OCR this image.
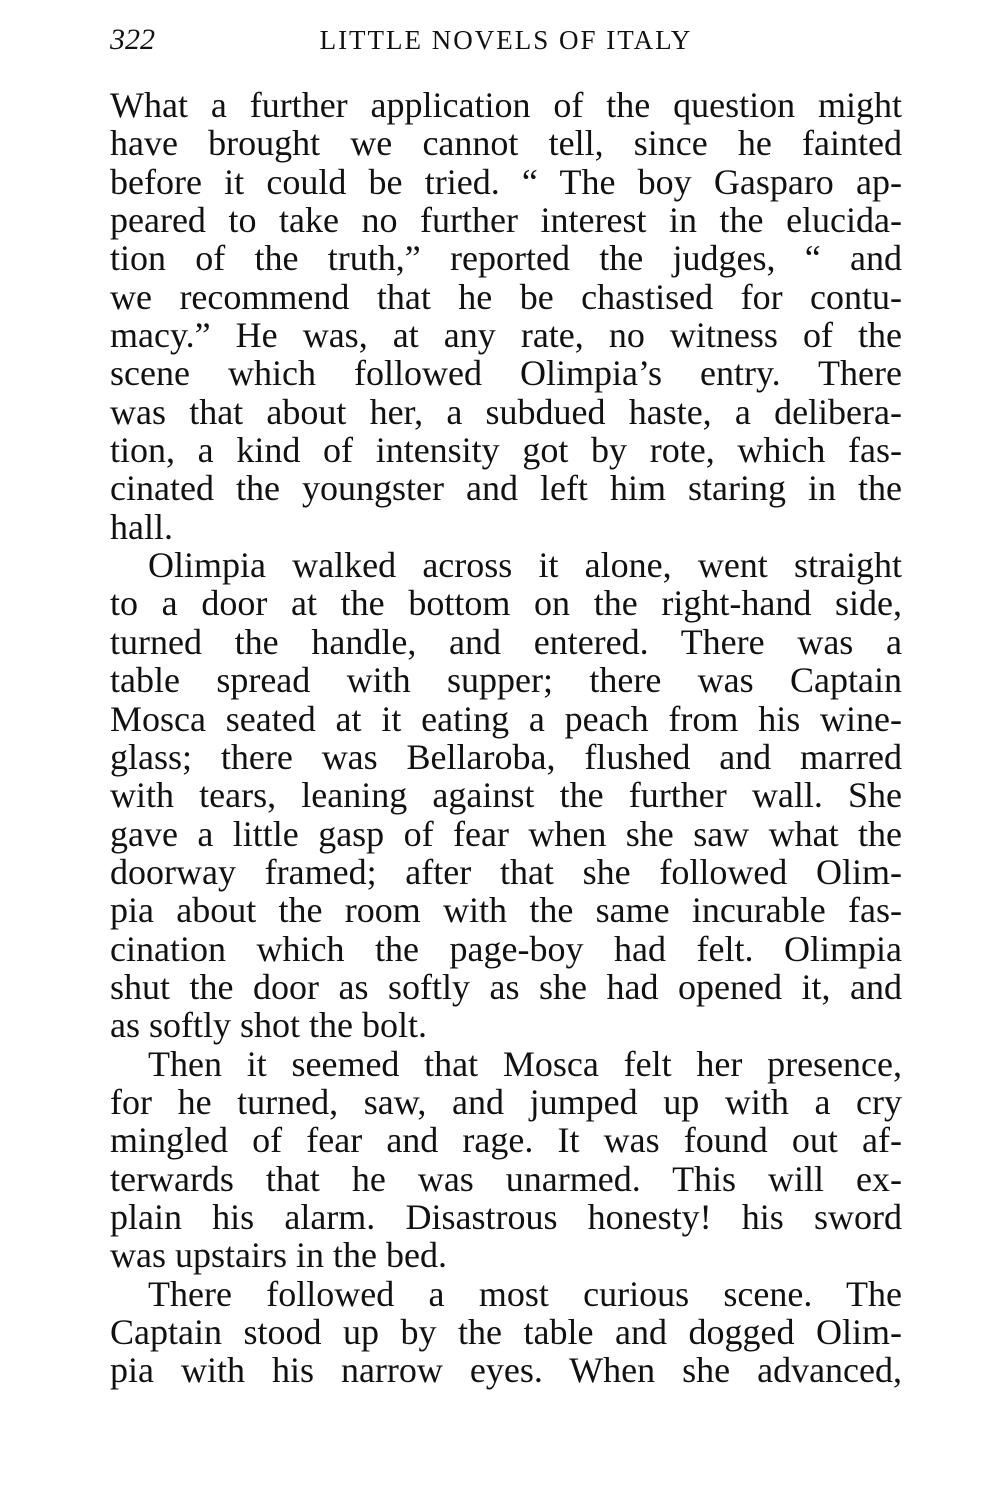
322	LITTLE NOVELS OF ITALY
What a further application of the question might
have brought we cannot tell, since he fainted
before it could be tried. “ The boy Gasparo ap-
peared to take no further interest in the elucida-
tion of the truth,” reported the judges, “ and
we recommend that he be chastised for contu-
macy.” He was, at any rate, no witness of the
scene which followed Olimpia’s entry. There
was that about her, a subdued haste, a delibera-
tion, a kind of intensity got by rote, which fas-
cinated the youngster and left him staring in the
hall.
Olimpia walked across it alone, went straight
to a door at the bottom on the right-hand side,
turned the handle, and entered. There was a
table spread with supper; there was Captain
Mosca seated at it eating a peach from his wine-
glass; there was Bellaroba, flushed and marred
with tears, leaning against the further wall. She
gave a little gasp of fear when she saw what the
doorway framed; after that she followed Olim-
pia about the room with the same incurable fas-
cination which the page-boy had felt. Olimpia
shut the door as softly as she had opened it, and
as softly shot the bolt.
Then it seemed that Mosca felt her presence,
for he turned, saw, and jumped up with a cry
mingled of fear and rage. It was found out af-
terwards that he was unarmed. This will ex-
plain his alarm. Disastrous honesty! his sword
was upstairs in the bed.
There followed a most curious scene. The
Captain stood up by the table and dogged Olim-
pia with his narrow eyes. When she advanced,
